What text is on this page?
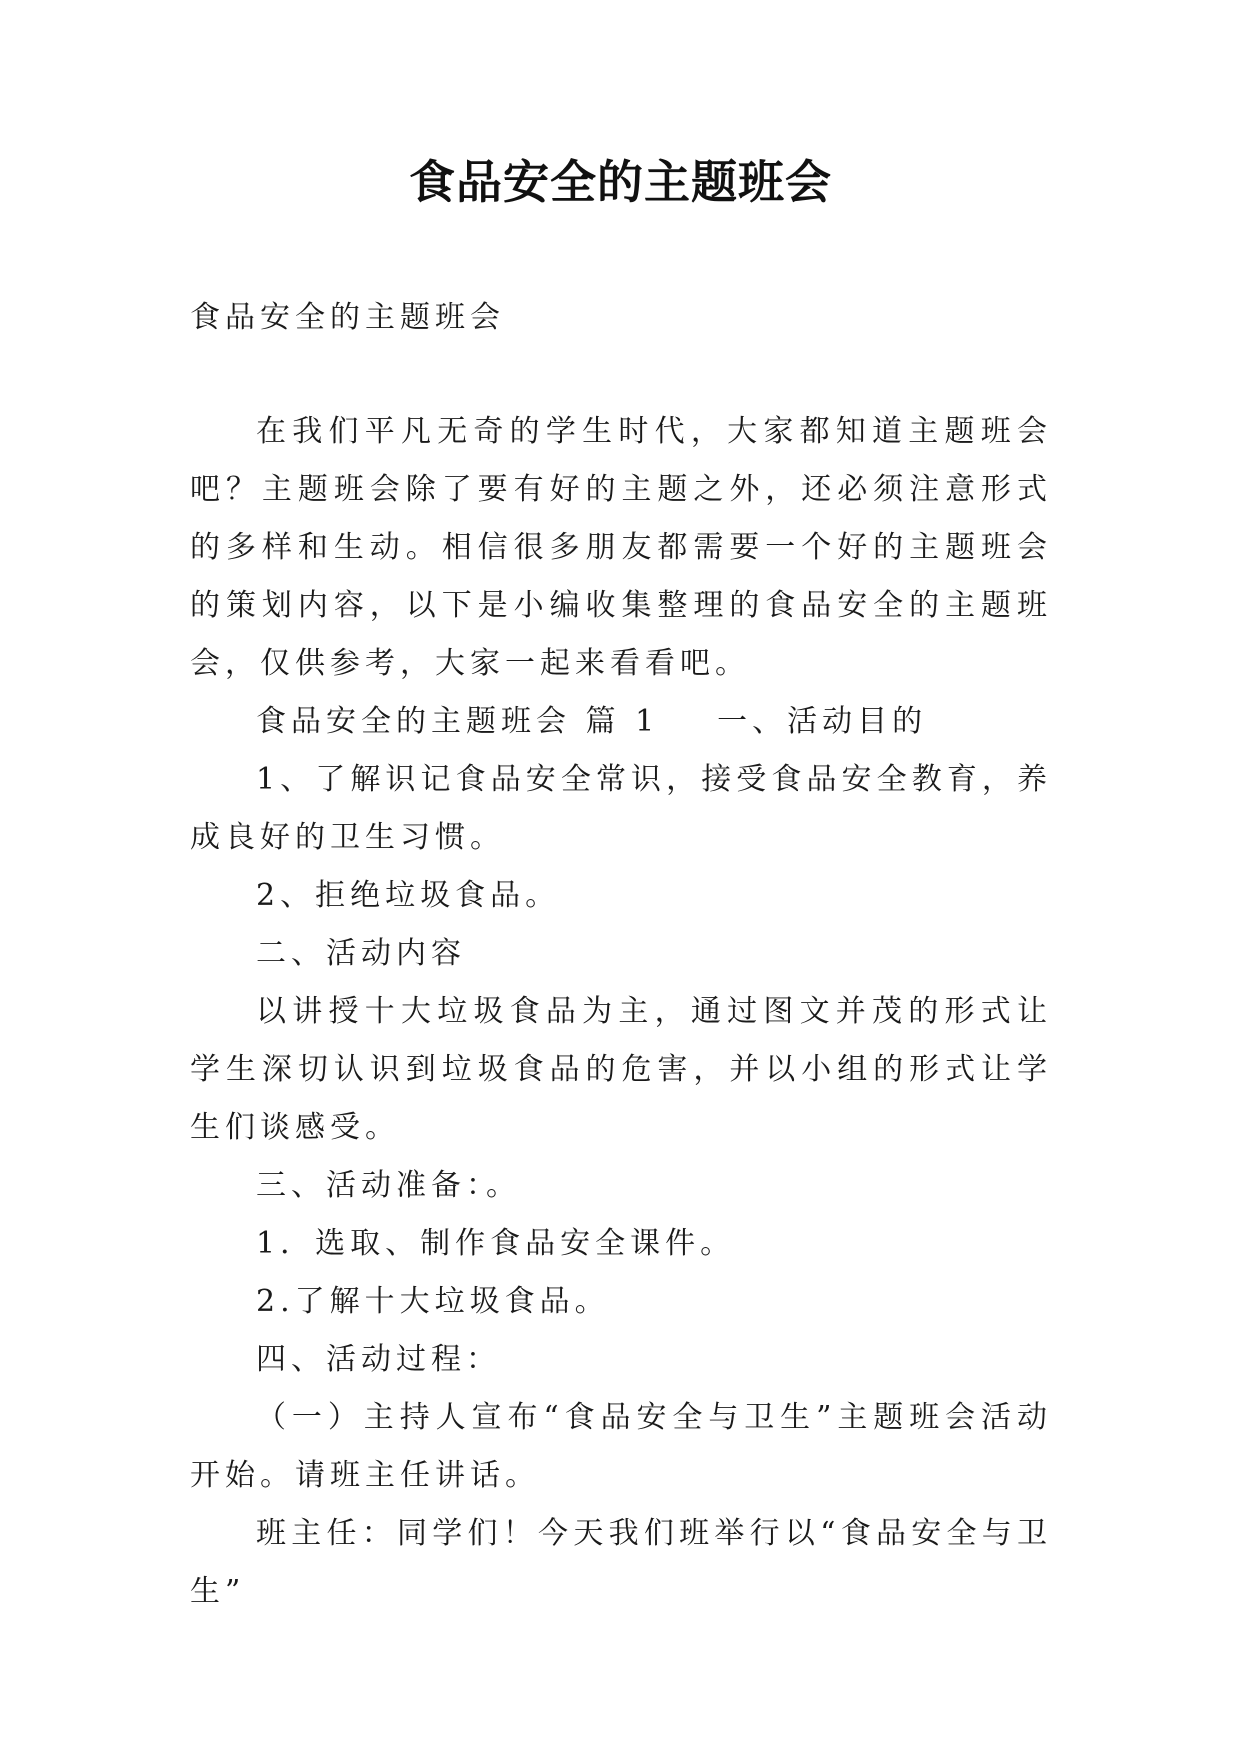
食品安全的主题班会

食品安全的主题班会

在我们平凡无奇的学生时代，大家都知道主题班会吧？主题班会除了要有好的主题之外，还必须注意形式的多样和生动。相信很多朋友都需要一个好的主题班会的策划内容，以下是小编收集整理的食品安全的主题班会，仅供参考，大家一起来看看吧。

食品安全的主题班会 篇 1 一、活动目的

1、了解识记食品安全常识，接受食品安全教育，养成良好的卫生习惯。

2、拒绝垃圾食品。

二、活动内容

以讲授十大垃圾食品为主，通过图文并茂的形式让学生深切认识到垃圾食品的危害，并以小组的形式让学生们谈感受。

三、活动准备：。

1．选取、制作食品安全课件。

2.了解十大垃圾食品。

四、活动过程：

（一）主持人宣布“食品安全与卫生”主题班会活动开始。请班主任讲话。

班主任：同学们！今天我们班举行以“食品安全与卫生”
